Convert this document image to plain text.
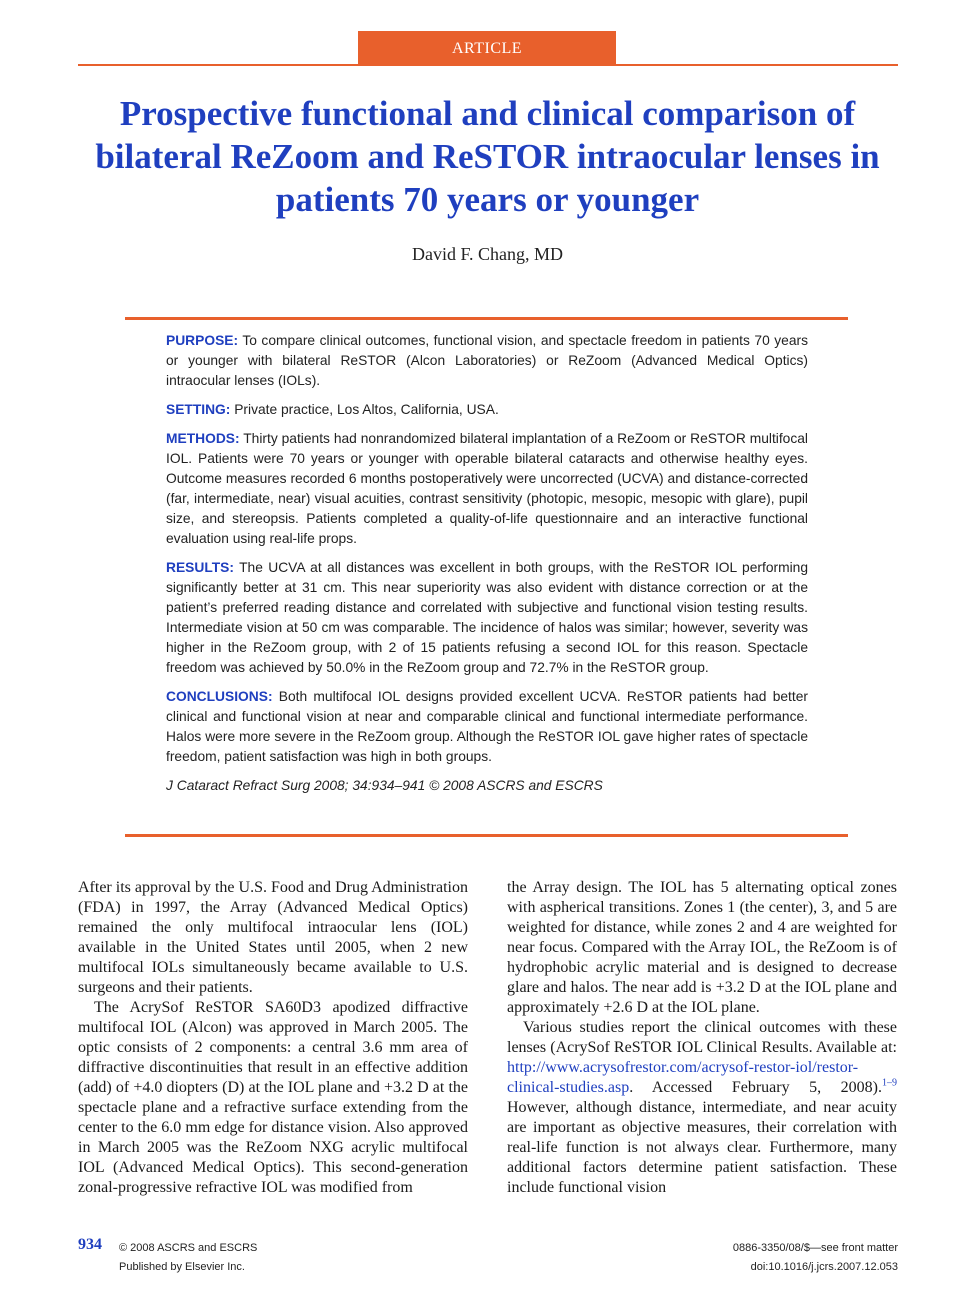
ARTICLE
Prospective functional and clinical comparison of bilateral ReZoom and ReSTOR intraocular lenses in patients 70 years or younger
David F. Chang, MD

PURPOSE: To compare clinical outcomes, functional vision, and spectacle freedom in patients 70 years or younger with bilateral ReSTOR (Alcon Laboratories) or ReZoom (Advanced Medical Optics) intraocular lenses (IOLs).

SETTING: Private practice, Los Altos, California, USA.

METHODS: Thirty patients had nonrandomized bilateral implantation of a ReZoom or ReSTOR multifocal IOL. Patients were 70 years or younger with operable bilateral cataracts and otherwise healthy eyes. Outcome measures recorded 6 months postoperatively were uncorrected (UCVA) and distance-corrected (far, intermediate, near) visual acuities, contrast sensitivity (photopic, mesopic, mesopic with glare), pupil size, and stereopsis. Patients completed a quality-of-life questionnaire and an interactive functional evaluation using real-life props.

RESULTS: The UCVA at all distances was excellent in both groups, with the ReSTOR IOL performing significantly better at 31 cm. This near superiority was also evident with distance correction or at the patient’s preferred reading distance and correlated with subjective and functional vision testing results. Intermediate vision at 50 cm was comparable. The incidence of halos was similar; however, severity was higher in the ReZoom group, with 2 of 15 patients refusing a second IOL for this reason. Spectacle freedom was achieved by 50.0% in the ReZoom group and 72.7% in the ReSTOR group.

CONCLUSIONS: Both multifocal IOL designs provided excellent UCVA. ReSTOR patients had better clinical and functional vision at near and comparable clinical and functional intermediate performance. Halos were more severe in the ReZoom group. Although the ReSTOR IOL gave higher rates of spectacle freedom, patient satisfaction was high in both groups.

J Cataract Refract Surg 2008; 34:934–941 © 2008 ASCRS and ESCRS

After its approval by the U.S. Food and Drug Administration (FDA) in 1997, the Array (Advanced Medical Optics) remained the only multifocal intraocular lens (IOL) available in the United States until 2005, when 2 new multifocal IOLs simultaneously became available to U.S. surgeons and their patients.

The AcrySof ReSTOR SA60D3 apodized diffractive multifocal IOL (Alcon) was approved in March 2005. The optic consists of 2 components: a central 3.6 mm area of diffractive discontinuities that result in an effective addition (add) of +4.0 diopters (D) at the IOL plane and +3.2 D at the spectacle plane and a refractive surface extending from the center to the 6.0 mm edge for distance vision. Also approved in March 2005 was the ReZoom NXG acrylic multifocal IOL (Advanced Medical Optics). This second-generation zonal-progressive refractive IOL was modified from

the Array design. The IOL has 5 alternating optical zones with aspherical transitions. Zones 1 (the center), 3, and 5 are weighted for distance, while zones 2 and 4 are weighted for near focus. Compared with the Array IOL, the ReZoom is of hydrophobic acrylic material and is designed to decrease glare and halos. The near add is +3.2 D at the IOL plane and approximately +2.6 D at the IOL plane.

Various studies report the clinical outcomes with these lenses (AcrySof ReSTOR IOL Clinical Results. Available at: http://www.acrysofrestor.com/acrysof-restor-iol/restor-clinical-studies.asp. Accessed February 5, 2008).$^{1-9}$ However, although distance, intermediate, and near acuity are important as objective measures, their correlation with real-life function is not always clear. Furthermore, many additional factors determine patient satisfaction. These include functional vision

934 © 2008 ASCRS and ESCRS
Published by Elsevier Inc.
0886-3350/08/$—see front matter
doi:10.1016/j.jcrs.2007.12.053
